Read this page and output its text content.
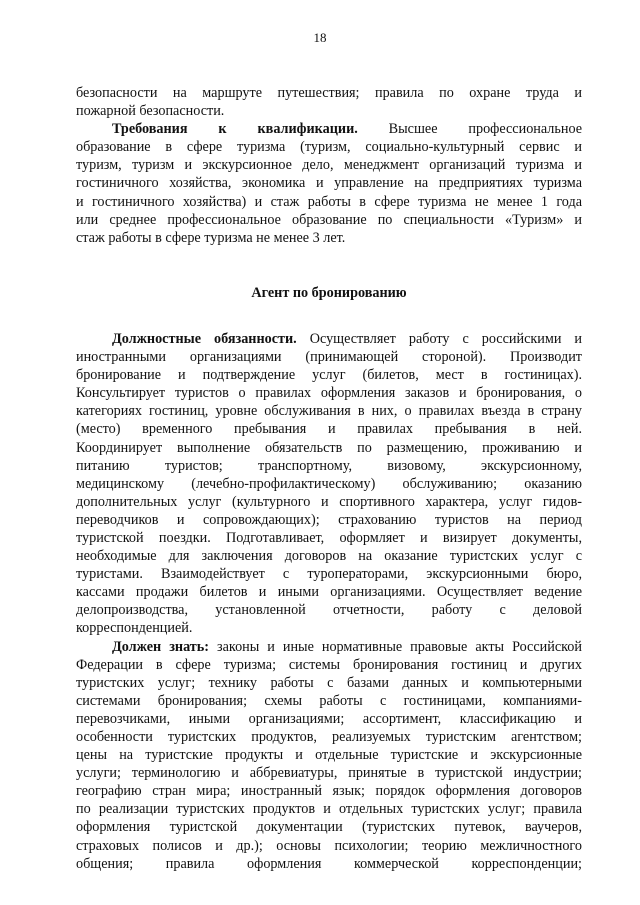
18
безопасности на маршруте путешествия; правила по охране труда и
пожарной безопасности.
Требования к квалификации. Высшее профессиональное
образование в сфере туризма (туризм, социально-культурный сервис и
туризм, туризм и экскурсионное дело, менеджмент организаций туризма и
гостиничного хозяйства, экономика и управление на предприятиях туризма
и гостиничного хозяйства) и стаж работы в сфере туризма не менее 1 года
или среднее профессиональное образование по специальности «Туризм» и
стаж работы в сфере туризма не менее 3 лет.
Агент по бронированию
Должностные обязанности. Осуществляет работу с российскими и
иностранными организациями (принимающей стороной). Производит
бронирование и подтверждение услуг (билетов, мест в гостиницах).
Консультирует туристов о правилах оформления заказов и бронирования, о
категориях гостиниц, уровне обслуживания в них, о правилах въезда в страну
(место) временного пребывания и правилах пребывания в ней.
Координирует выполнение обязательств по размещению, проживанию и
питанию туристов; транспортному, визовому, экскурсионному,
медицинскому (лечебно-профилактическому) обслуживанию; оказанию
дополнительных услуг (культурного и спортивного характера, услуг гидов-
переводчиков и сопровождающих); страхованию туристов на период
туристской поездки. Подготавливает, оформляет и визирует документы,
необходимые для заключения договоров на оказание туристских услуг с
туристами. Взаимодействует с туроператорами, экскурсионными бюро,
кассами продажи билетов и иными организациями. Осуществляет ведение
делопроизводства, установленной отчетности, работу с деловой
корреспонденцией.
Должен знать: законы и иные нормативные правовые акты Российской
Федерации в сфере туризма; системы бронирования гостиниц и других
туристских услуг; технику работы с базами данных и компьютерными
системами бронирования; схемы работы с гостиницами, компаниями-
перевозчиками, иными организациями; ассортимент, классификацию и
особенности туристских продуктов, реализуемых туристским агентством;
цены на туристские продукты и отдельные туристские и экскурсионные
услуги; терминологию и аббревиатуры, принятые в туристской индустрии;
географию стран мира; иностранный язык; порядок оформления договоров
по реализации туристских продуктов и отдельных туристских услуг; правила
оформления туристской документации (туристских путевок, ваучеров,
страховых полисов и др.); основы психологии; теорию межличностного
общения; правила оформления коммерческой корреспонденции;
